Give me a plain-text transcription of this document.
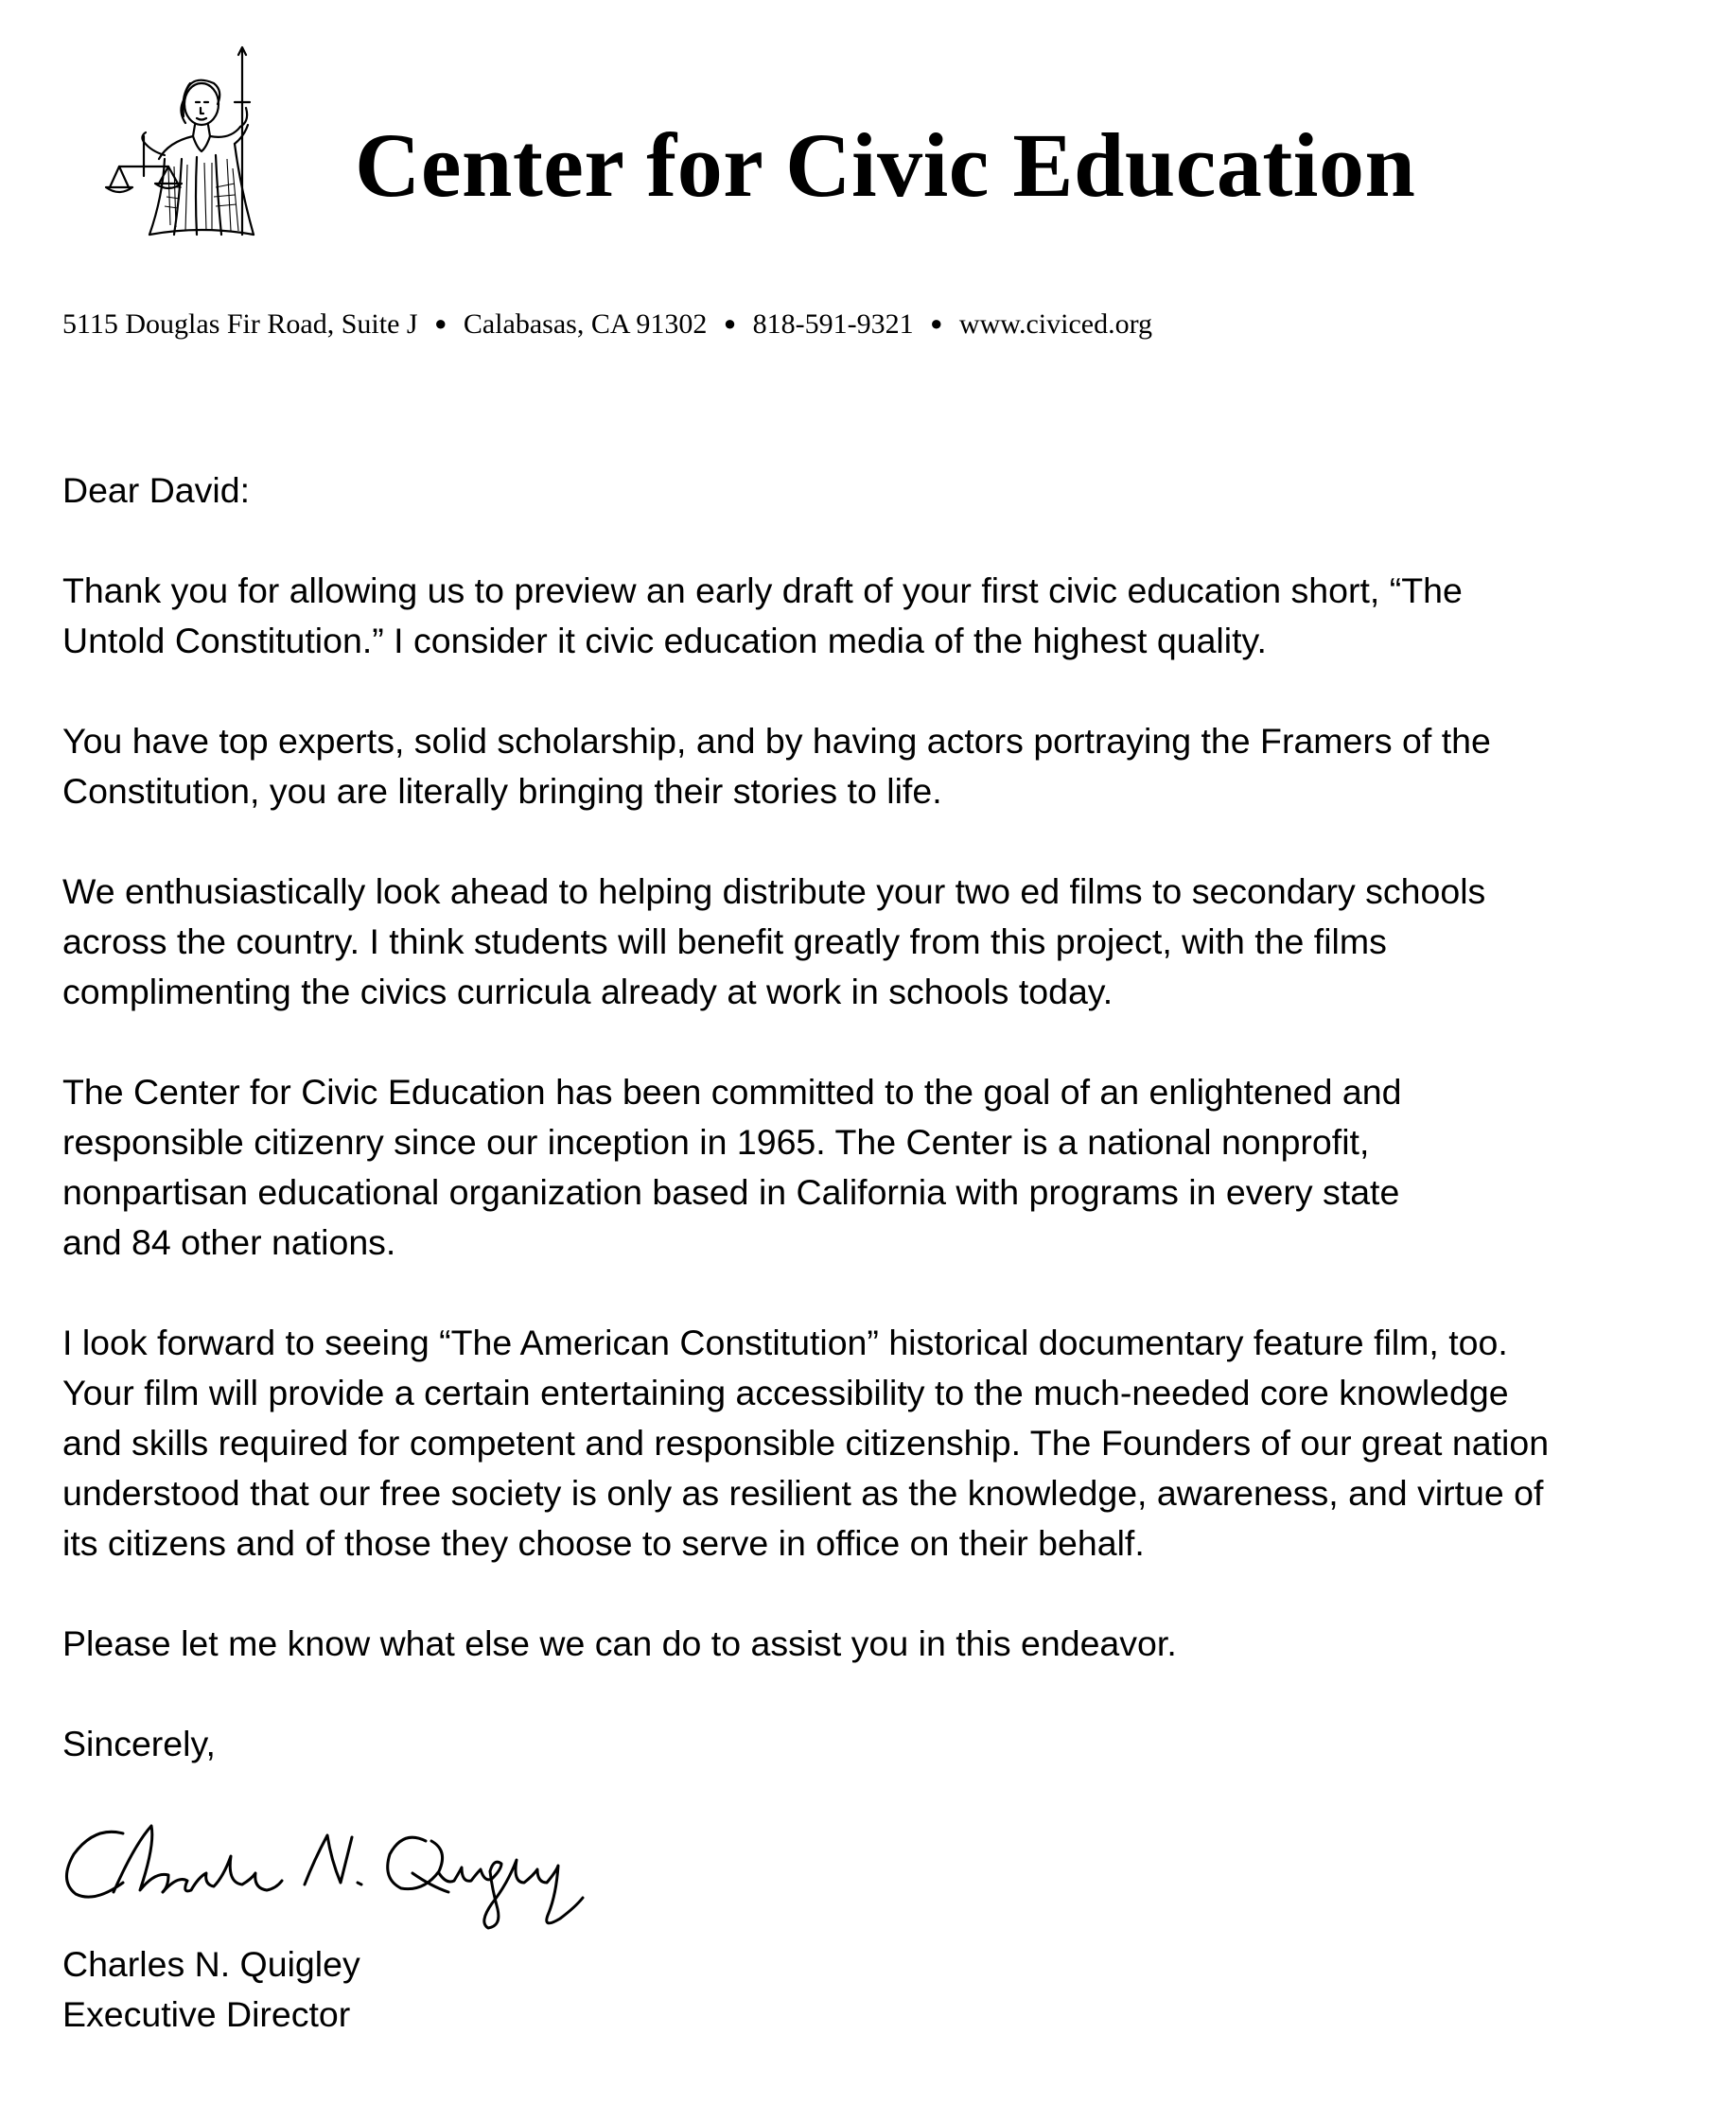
Center for Civic Education
5115 Douglas Fir Road, Suite J ● Calabasas, CA 91302 ● 818-591-9321 ● www.civiced.org

Dear David:

Thank you for allowing us to preview an early draft of your first civic education short, “The
Untold Constitution.” I consider it civic education media of the highest quality.

You have top experts, solid scholarship, and by having actors portraying the Framers of the
Constitution, you are literally bringing their stories to life.

We enthusiastically look ahead to helping distribute your two ed films to secondary schools
across the country. I think students will benefit greatly from this project, with the films
complimenting the civics curricula already at work in schools today.

The Center for Civic Education has been committed to the goal of an enlightened and
responsible citizenry since our inception in 1965. The Center is a national nonprofit,
nonpartisan educational organization based in California with programs in every state
and 84 other nations.

I look forward to seeing “The American Constitution” historical documentary feature film, too.
Your film will provide a certain entertaining accessibility to the much-needed core knowledge
and skills required for competent and responsible citizenship. The Founders of our great nation
understood that our free society is only as resilient as the knowledge, awareness, and virtue of
its citizens and of those they choose to serve in office on their behalf.

Please let me know what else we can do to assist you in this endeavor.

Sincerely,

Charles N. Quigley
Executive Director
